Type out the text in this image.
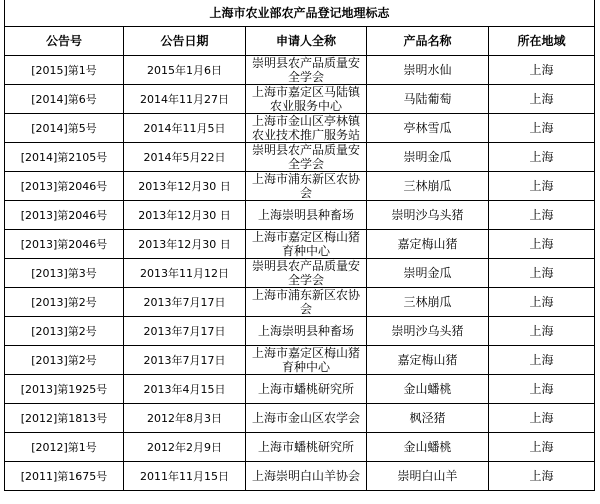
上海市农业部农产品登记地理标志				
公告号	公告日期	申请人全称	产品名称	所在地域
[2015]第1号	2015年1月6日	崇明县农产品质量安全学会	崇明水仙	上海
[2014]第6号	2014年11月27日	上海市嘉定区马陆镇农业服务中心	马陆葡萄	上海
[2014]第5号	2014年11月5日	上海市金山区亭林镇农业技术推广服务站	亭林雪瓜	上海
[2014]第2105号	2014年5月22日	崇明县农产品质量安全学会	崇明金瓜	上海
[2013]第2046号	2013年12月30 日	上海市浦东新区农协会	三林崩瓜	上海
[2013]第2046号	2013年12月30 日	上海崇明县种畜场	崇明沙乌头猪	上海
[2013]第2046号	2013年12月30 日	上海市嘉定区梅山猪育种中心	嘉定梅山猪	上海
[2013]第3号	2013年11月12日	崇明县农产品质量安全学会	崇明金瓜	上海
[2013]第2号	2013年7月17日	上海市浦东新区农协会	三林崩瓜	上海
[2013]第2号	2013年7月17日	上海崇明县种畜场	崇明沙乌头猪	上海
[2013]第2号	2013年7月17日	上海市嘉定区梅山猪育种中心	嘉定梅山猪	上海
[2013]第1925号	2013年4月15日	上海市蟠桃研究所	金山蟠桃	上海
[2012]第1813号	2012年8月3日	上海市金山区农学会	枫泾猪	上海
[2012]第1号	2012年2月9日	上海市蟠桃研究所	金山蟠桃	上海
[2011]第1675号	2011年11月15日	上海崇明白山羊协会	崇明白山羊	上海
